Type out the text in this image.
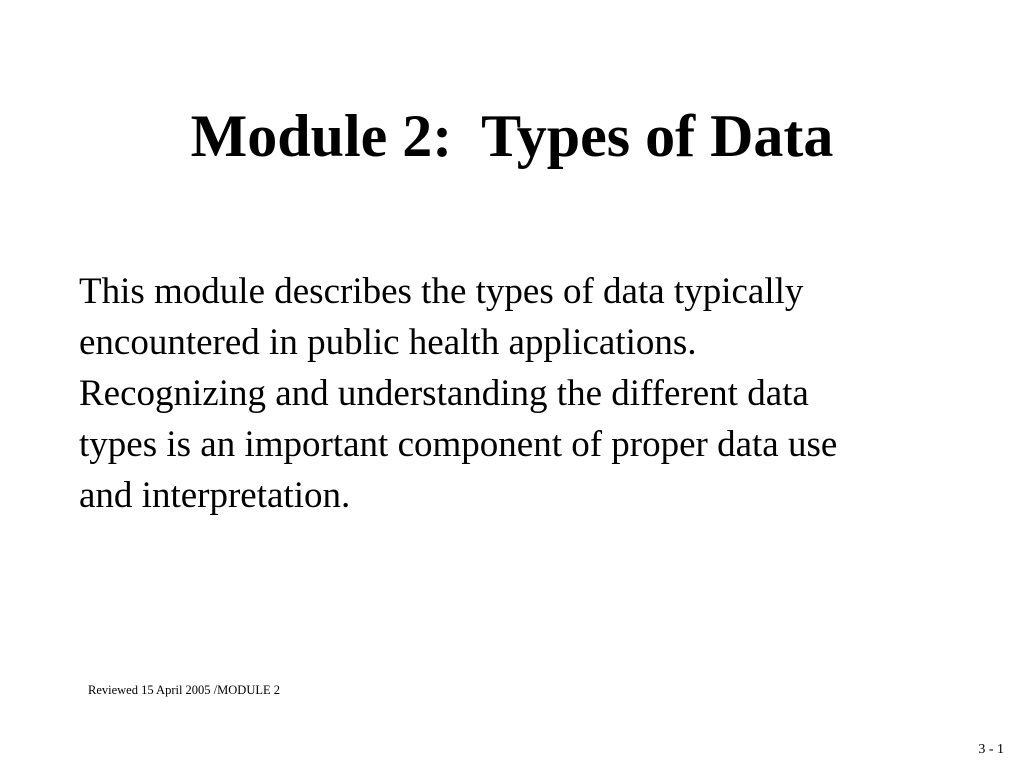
Module 2:  Types of Data

This module describes the types of data typically
encountered in public health applications.
Recognizing and understanding the different data
types is an important component of proper data use
and interpretation.

Reviewed 15 April 2005 /MODULE 2
3 - 1
